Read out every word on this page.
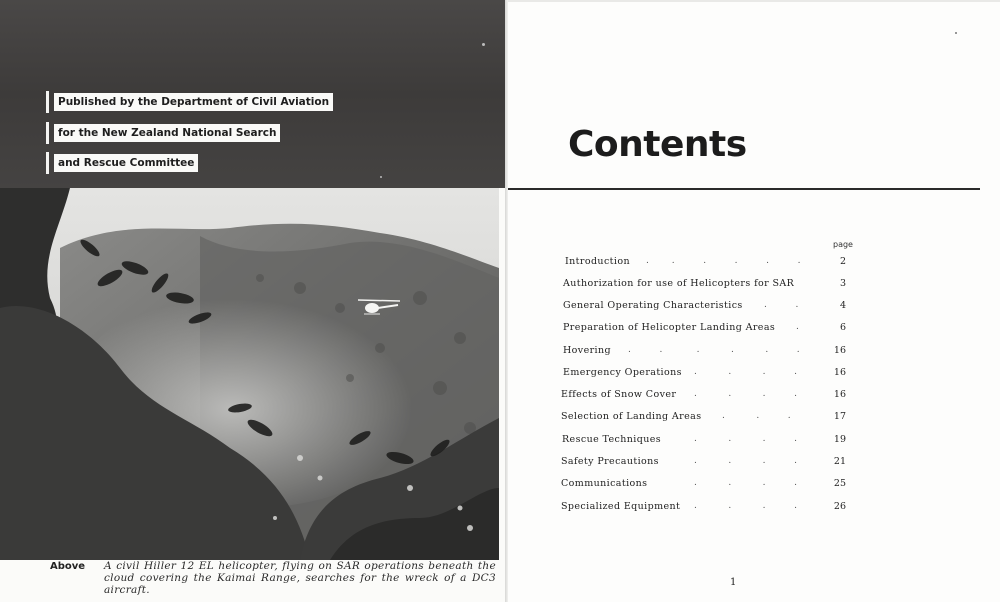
Published by the Department of Civil Aviation
for the New Zealand National Search
and Rescue Committee
Above A civil Hiller 12 EL helicopter, flying on SAR operations beneath the cloud covering the Kaimai Range, searches for the wreck of a DC3 aircraft.
Contents
page
Introduction .        .          .          .          .          .	2
Authorization for use of Helicopters for SAR	3
General Operating Characteristics .          .	4
Preparation of Helicopter Landing Areas .	6
Hovering .          .            .           .           .          .	16
Emergency Operations .           .           .          .	16
Effects of Snow Cover .           .           .          .	16
Selection of Landing Areas .           .          .	17
Rescue Techniques	.           .           .          .	19
Safety Precautions	.           .           .          .	21
Communications	.           .           .          .	25
Specialized Equipment .           .           .          .	26
1
